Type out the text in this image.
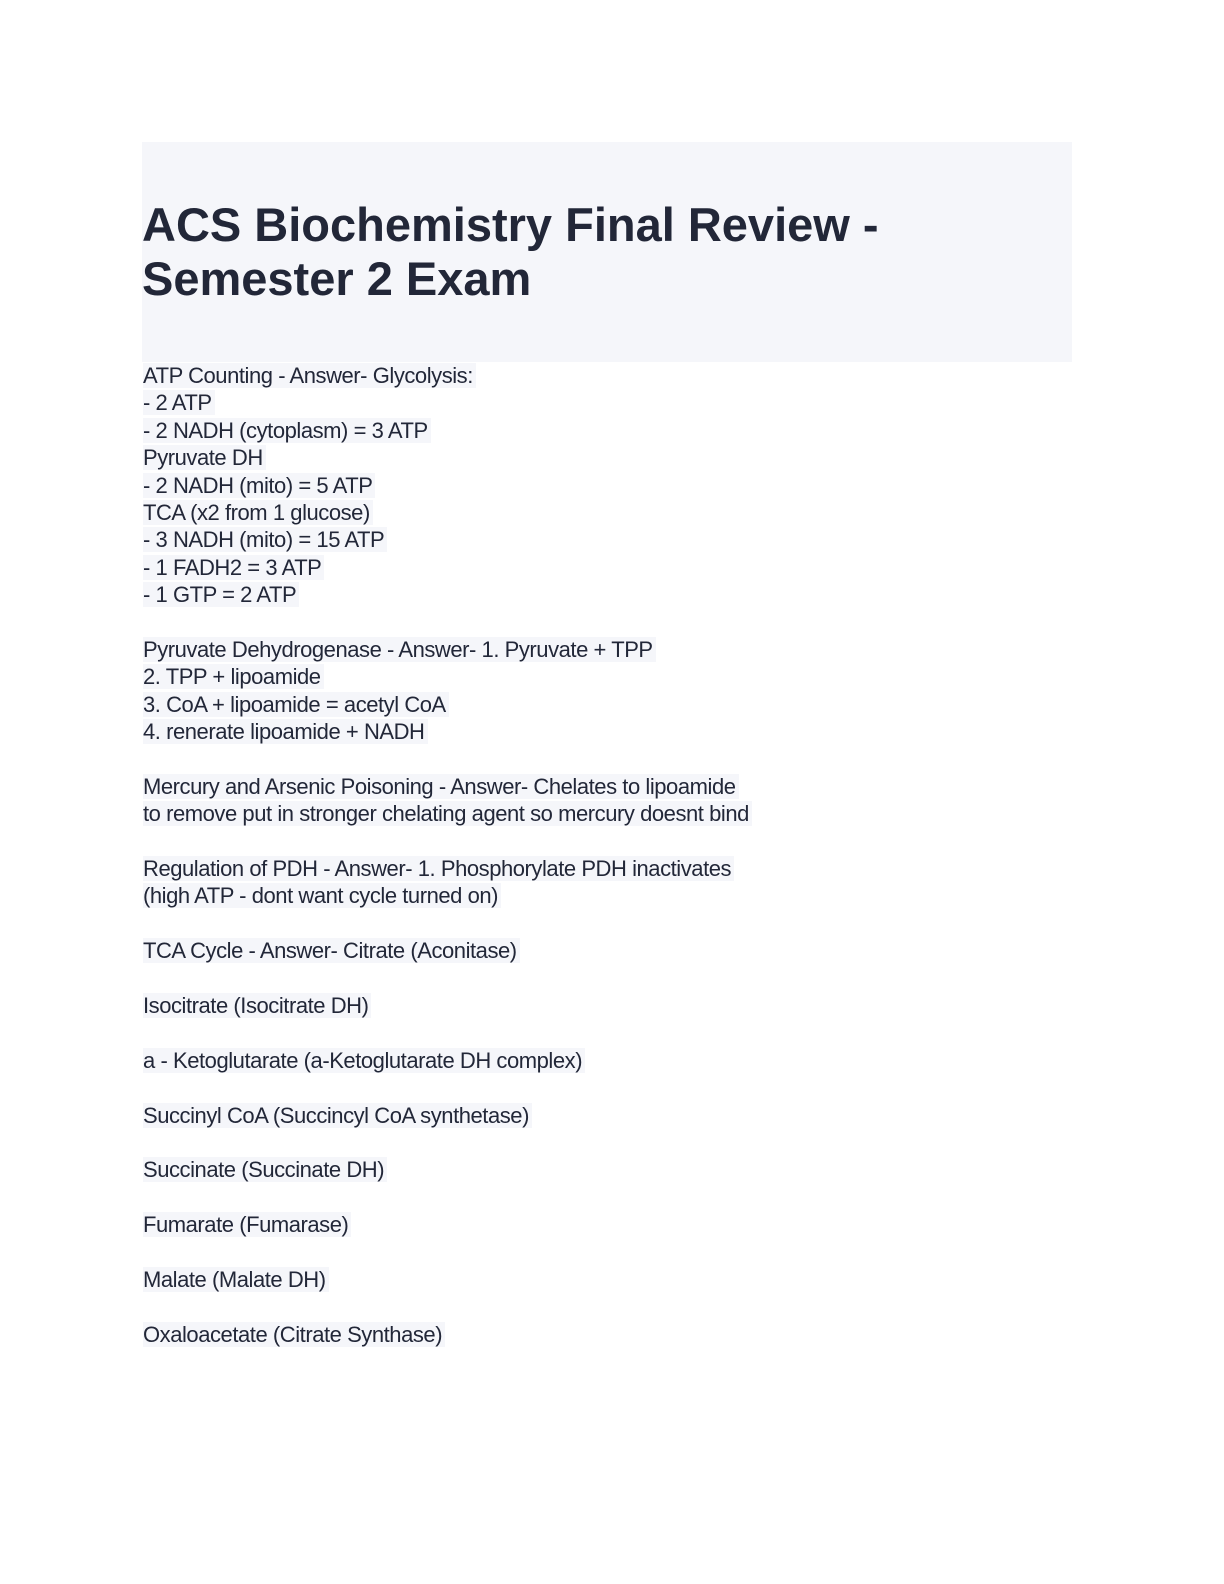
ACS Biochemistry Final Review -
Semester 2 Exam
ATP Counting - Answer- Glycolysis:
- 2 ATP
- 2 NADH (cytoplasm) = 3 ATP
Pyruvate DH
- 2 NADH (mito) = 5 ATP
TCA (x2 from 1 glucose)
- 3 NADH (mito) = 15 ATP
- 1 FADH2 = 3 ATP
- 1 GTP = 2 ATP
Pyruvate Dehydrogenase - Answer- 1. Pyruvate + TPP
2. TPP + lipoamide
3. CoA + lipoamide = acetyl CoA
4. renerate lipoamide + NADH
Mercury and Arsenic Poisoning - Answer- Chelates to lipoamide
to remove put in stronger chelating agent so mercury doesnt bind
Regulation of PDH - Answer- 1. Phosphorylate PDH inactivates
(high ATP - dont want cycle turned on)
TCA Cycle - Answer- Citrate (Aconitase)
Isocitrate (Isocitrate DH)
a - Ketoglutarate (a-Ketoglutarate DH complex)
Succinyl CoA (Succincyl CoA synthetase)
Succinate (Succinate DH)
Fumarate (Fumarase)
Malate (Malate DH)
Oxaloacetate (Citrate Synthase)
